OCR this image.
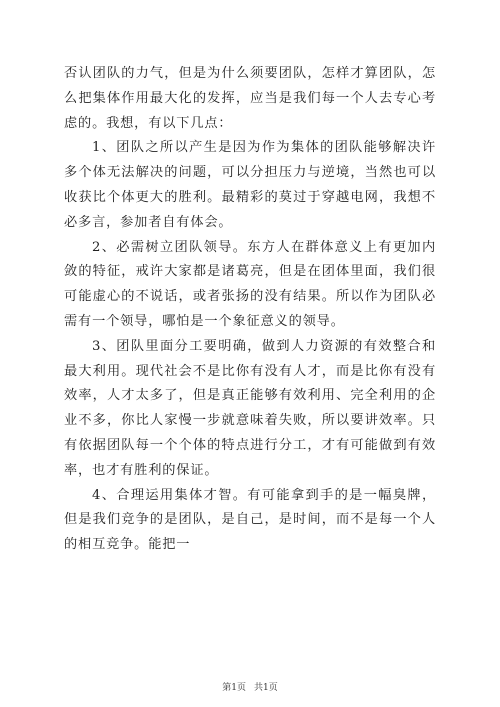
否认团队的力气，但是为什么须要团队，怎样才算团队，怎么把集体作用最大化的发挥，应当是我们每一个人去专心考虑的。我想，有以下几点：

1、团队之所以产生是因为作为集体的团队能够解决许多个体无法解决的问题，可以分担压力与逆境，当然也可以收获比个体更大的胜利。最精彩的莫过于穿越电网，我想不必多言，参加者自有体会。

2、必需树立团队领导。东方人在群体意义上有更加内敛的特征，戒许大家都是诸葛亮，但是在团体里面，我们很可能虚心的不说话，或者张扬的没有结果。所以作为团队必需有一个领导，哪怕是一个象征意义的领导。

3、团队里面分工要明确，做到人力资源的有效整合和最大利用。现代社会不是比你有没有人才，而是比你有没有效率，人才太多了，但是真正能够有效利用、完全利用的企业不多，你比人家慢一步就意味着失败，所以要讲效率。只有依据团队每一个个体的特点进行分工，才有可能做到有效率，也才有胜利的保证。

4、合理运用集体才智。有可能拿到手的是一幅臭牌，但是我们竞争的是团队，是自己，是时间，而不是每一个人的相互竞争。能把一

第1页 共1页
